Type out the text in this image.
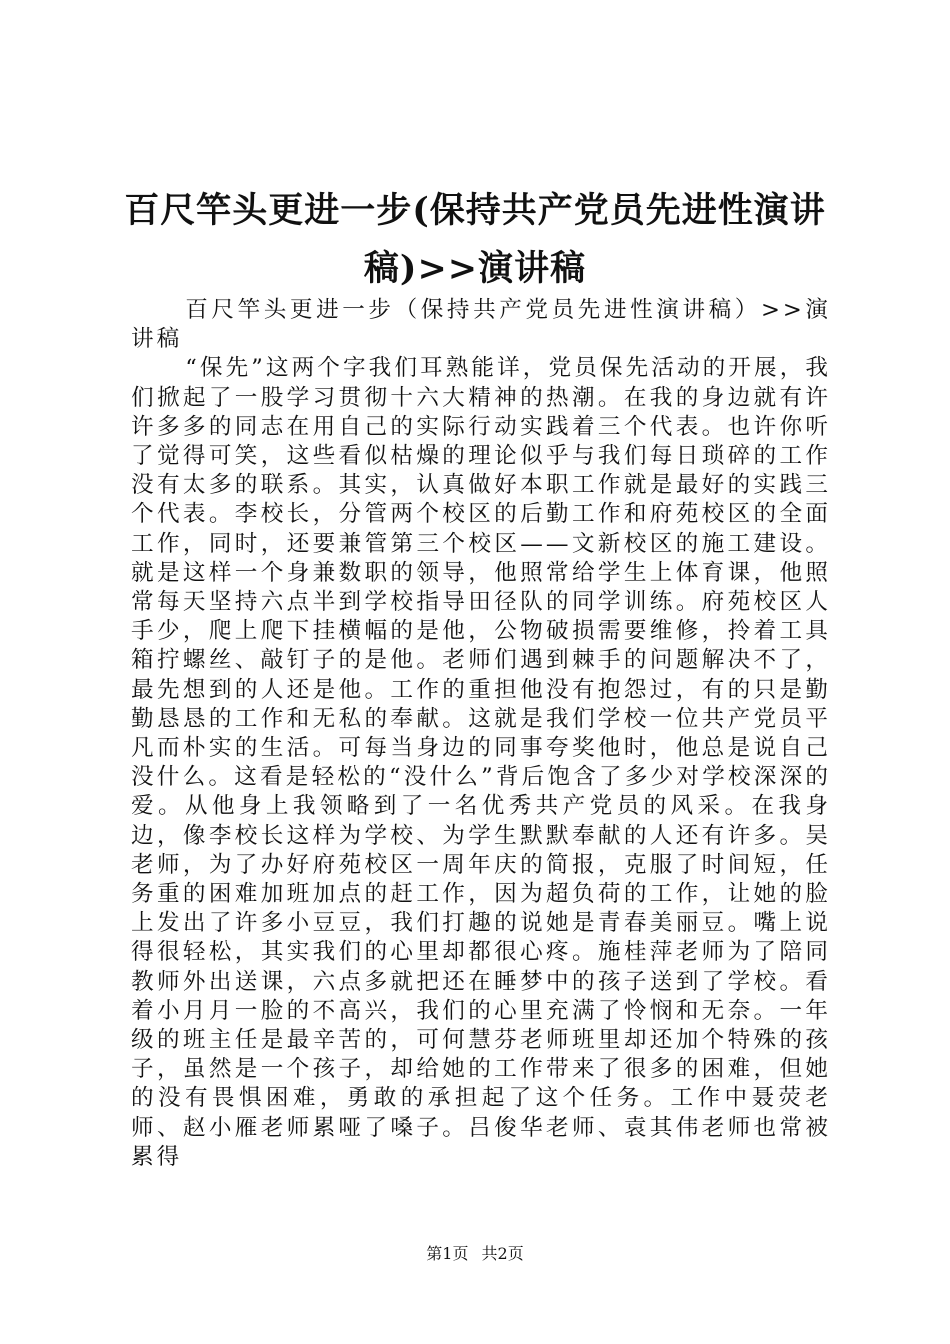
百尺竿头更进一步(保持共产党员先进性演讲稿)>>演讲稿

百尺竿头更进一步（保持共产党员先进性演讲稿）>>演讲稿

“保先”这两个字我们耳熟能详，党员保先活动的开展，我们掀起了一股学习贯彻十六大精神的热潮。在我的身边就有许许多多的同志在用自己的实际行动实践着三个代表。也许你听了觉得可笑，这些看似枯燥的理论似乎与我们每日琐碎的工作没有太多的联系。其实，认真做好本职工作就是最好的实践三个代表。李校长，分管两个校区的后勤工作和府苑校区的全面工作，同时，还要兼管第三个校区——文新校区的施工建设。就是这样一个身兼数职的领导，他照常给学生上体育课，他照常每天坚持六点半到学校指导田径队的同学训练。府苑校区人手少，爬上爬下挂横幅的是他，公物破损需要维修，拎着工具箱拧螺丝、敲钉子的是他。老师们遇到棘手的问题解决不了，最先想到的人还是他。工作的重担他没有抱怨过，有的只是勤勤恳恳的工作和无私的奉献。这就是我们学校一位共产党员平凡而朴实的生活。可每当身边的同事夸奖他时，他总是说自己没什么。这看是轻松的“没什么”背后饱含了多少对学校深深的爱。从他身上我领略到了一名优秀共产党员的风采。在我身边，像李校长这样为学校、为学生默默奉献的人还有许多。吴老师，为了办好府苑校区一周年庆的简报，克服了时间短，任务重的困难加班加点的赶工作，因为超负荷的工作，让她的脸上发出了许多小豆豆，我们打趣的说她是青春美丽豆。嘴上说得很轻松，其实我们的心里却都很心疼。施桂萍老师为了陪同教师外出送课，六点多就把还在睡梦中的孩子送到了学校。看着小月月一脸的不高兴，我们的心里充满了怜悯和无奈。一年级的班主任是最辛苦的，可何慧芬老师班里却还加个特殊的孩子，虽然是一个孩子，却给她的工作带来了很多的困难，但她的没有畏惧困难，勇敢的承担起了这个任务。工作中聂荧老师、赵小雁老师累哑了嗓子。吕俊华老师、袁其伟老师也常被累得

第1页 共2页
